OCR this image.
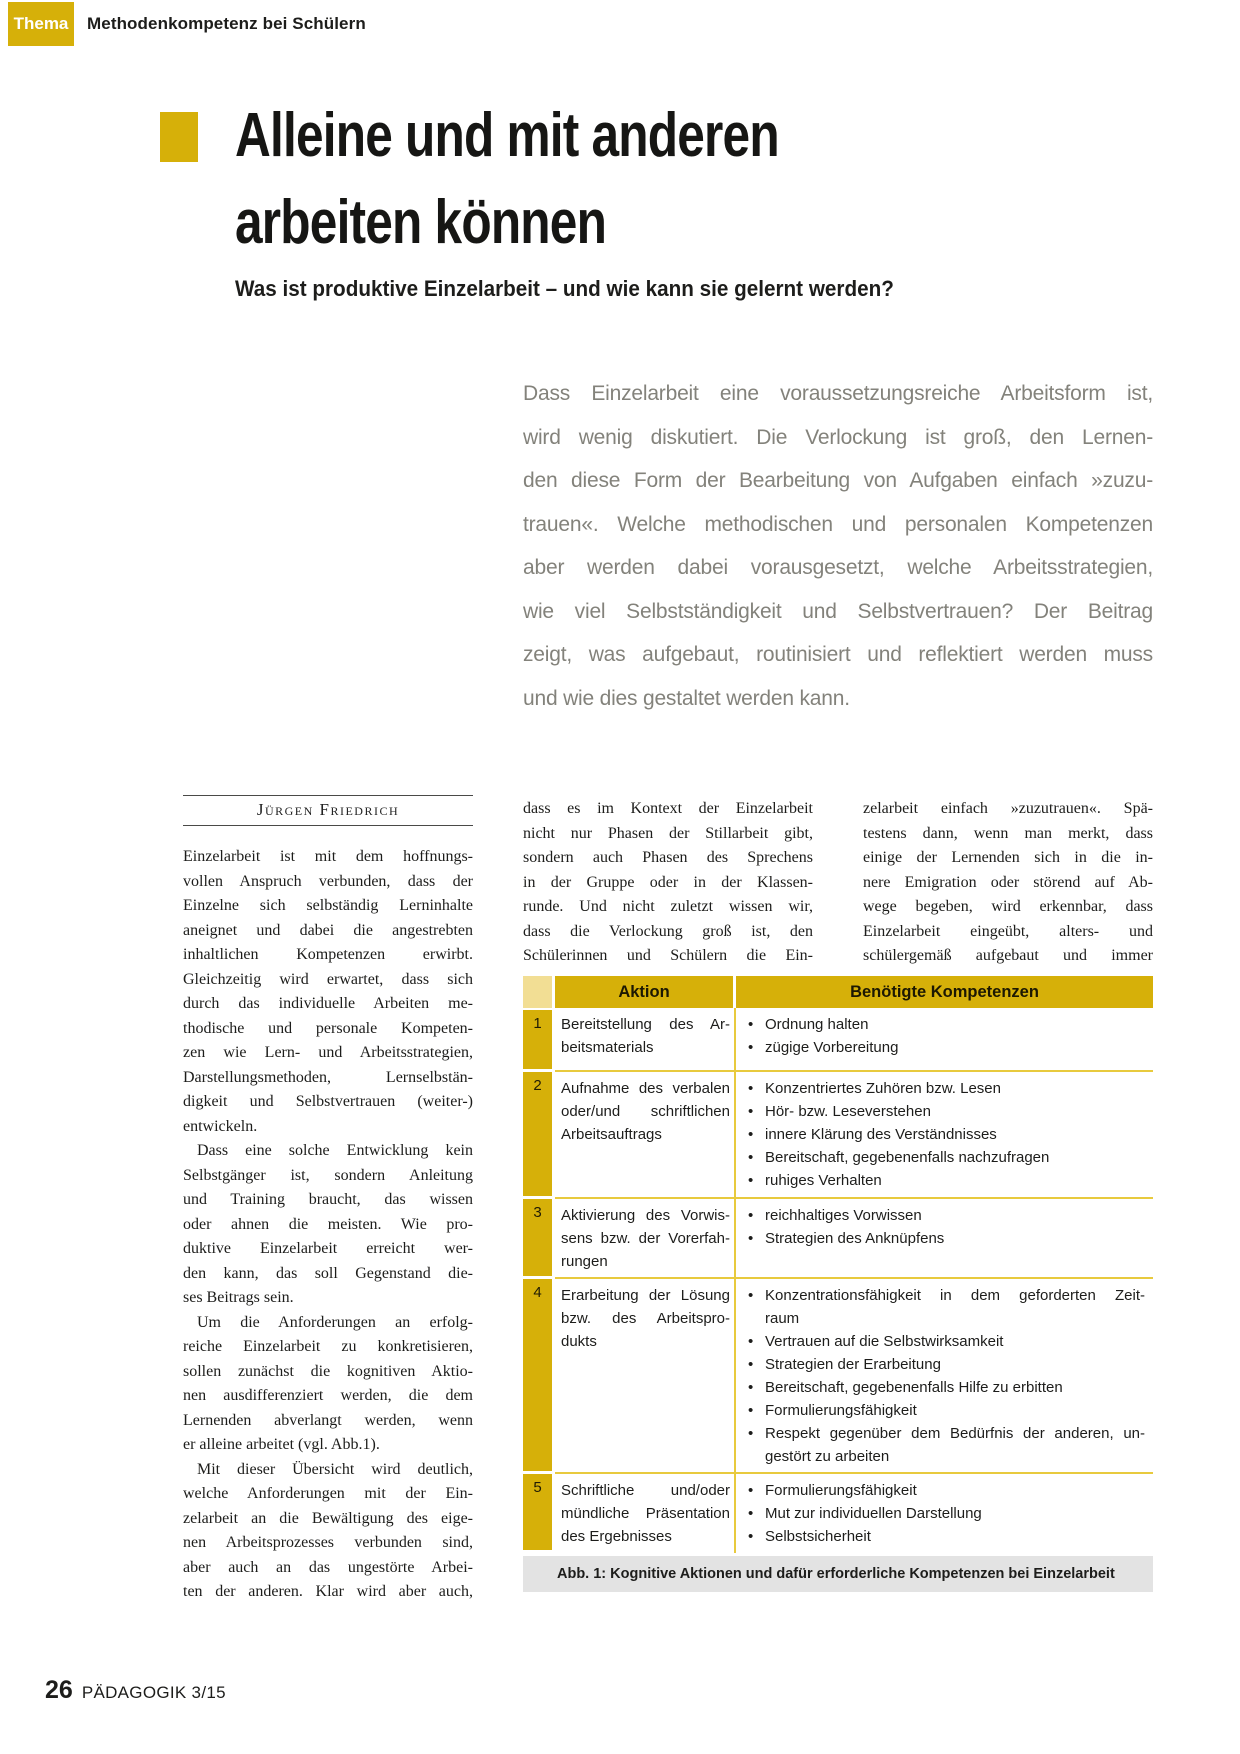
Thema	Methodenkompetenz bei Schülern
Alleine und mit anderen
arbeiten können
Was ist produktive Einzelarbeit – und wie kann sie gelernt werden?
Dass Einzelarbeit eine voraussetzungsreiche Arbeitsform ist,
wird wenig diskutiert. Die Verlockung ist groß, den Lernen-
den diese Form der Bearbeitung von Aufgaben einfach »zuzu-
trauen«. Welche methodischen und personalen Kompetenzen
aber werden dabei vorausgesetzt, welche Arbeitsstrategien,
wie viel Selbstständigkeit und Selbstvertrauen? Der Beitrag
zeigt, was aufgebaut, routinisiert und reflektiert werden muss
und wie dies gestaltet werden kann.
Jürgen Friedrich
Einzelarbeit ist mit dem hoffnungs-
vollen Anspruch verbunden, dass der
Einzelne sich selbständig Lerninhalte
aneignet und dabei die angestrebten
inhaltlichen Kompetenzen erwirbt.
Gleichzeitig wird erwartet, dass sich
durch das individuelle Arbeiten me-
thodische und personale Kompeten-
zen wie Lern- und Arbeitsstrategien,
Darstellungsmethoden, Lernselbstän-
digkeit und Selbstvertrauen (weiter-)
entwickeln.
Dass eine solche Entwicklung kein
Selbstgänger ist, sondern Anleitung
und Training braucht, das wissen
oder ahnen die meisten. Wie pro-
duktive Einzelarbeit erreicht wer-
den kann, das soll Gegenstand die-
ses Beitrags sein.
Um die Anforderungen an erfolg-
reiche Einzelarbeit zu konkretisieren,
sollen zunächst die kognitiven Aktio-
nen ausdifferenziert werden, die dem
Lernenden abverlangt werden, wenn
er alleine arbeitet (vgl. Abb.1).
Mit dieser Übersicht wird deutlich,
welche Anforderungen mit der Ein-
zelarbeit an die Bewältigung des eige-
nen Arbeitsprozesses verbunden sind,
aber auch an das ungestörte Arbei-
ten der anderen. Klar wird aber auch,
dass es im Kontext der Einzelarbeit
nicht nur Phasen der Stillarbeit gibt,
sondern auch Phasen des Sprechens
in der Gruppe oder in der Klassen-
runde. Und nicht zuletzt wissen wir,
dass die Verlockung groß ist, den
Schülerinnen und Schülern die Ein-
zelarbeit einfach »zuzutrauen«. Spä-
testens dann, wenn man merkt, dass
einige der Lernenden sich in die in-
nere Emigration oder störend auf Ab-
wege begeben, wird erkennbar, dass
Einzelarbeit eingeübt, alters- und
schülergemäß aufgebaut und immer
Aktion	Benötigte Kompetenzen
1	Bereitstellung des Ar-
beitsmaterials
• Ordnung halten
• zügige Vorbereitung
2	Aufnahme des verbalen
oder/und schriftlichen
Arbeitsauftrags
• Konzentriertes Zuhören bzw. Lesen
• Hör- bzw. Leseverstehen
• innere Klärung des Verständnisses
• Bereitschaft, gegebenenfalls nachzufragen
• ruhiges Verhalten
3	Aktivierung des Vorwis-
sens bzw. der Vorerfah-
rungen
• reichhaltiges Vorwissen
• Strategien des Anknüpfens
4	Erarbeitung der Lösung
bzw. des Arbeitspro-
dukts
• Konzentrationsfähigkeit in dem geforderten Zeit-
raum
• Vertrauen auf die Selbstwirksamkeit
• Strategien der Erarbeitung
• Bereitschaft, gegebenenfalls Hilfe zu erbitten
• Formulierungsfähigkeit
• Respekt gegenüber dem Bedürfnis der anderen, un-
gestört zu arbeiten
5	Schriftliche und/oder
mündliche Präsentation
des Ergebnisses
• Formulierungsfähigkeit
• Mut zur individuellen Darstellung
• Selbstsicherheit
Abb. 1: Kognitive Aktionen und dafür erforderliche Kompetenzen bei Einzelarbeit
26 PÄDAGOGIK 3/15
